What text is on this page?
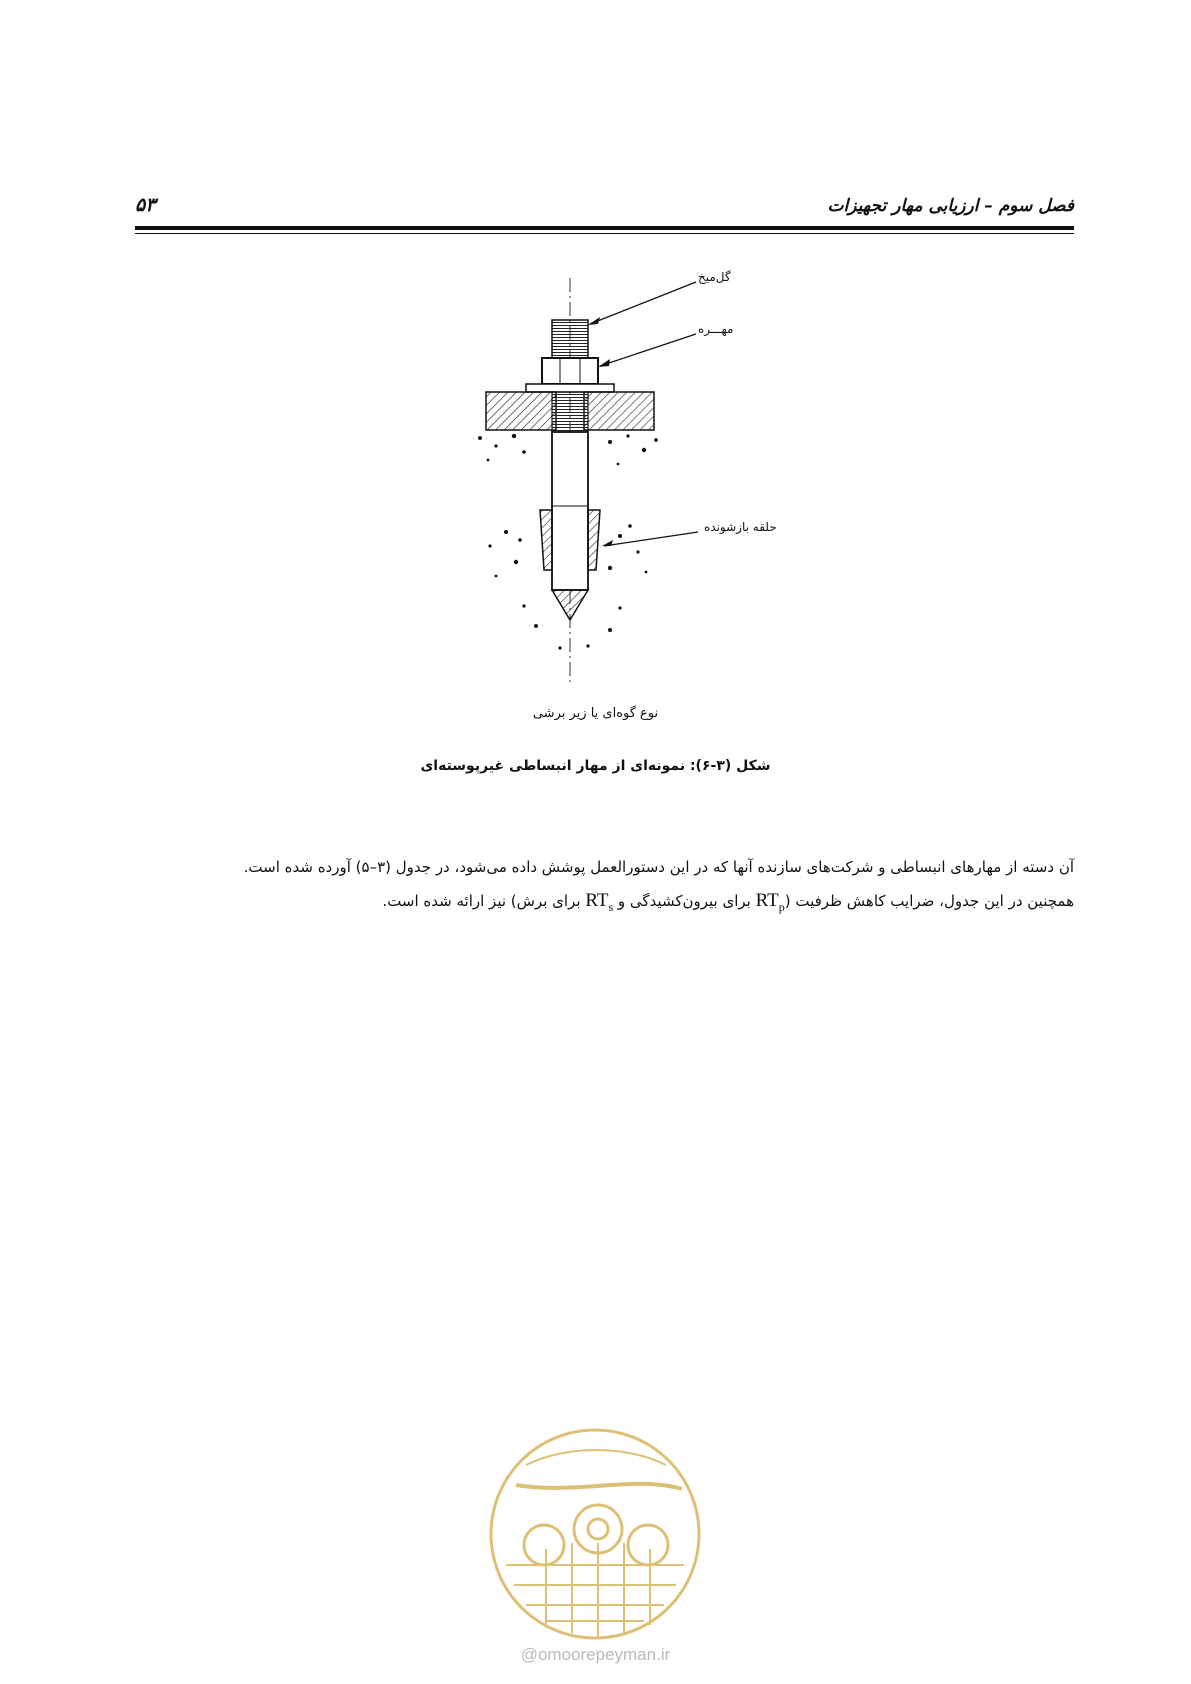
فصل سوم – ارزیابی مهار تجهیزات
۵۳
گل‌میخ
مهـــره
حلقه بازشونده
نوع گوه‌ای یا زیر برشی
شکل (۳-۶): نمونه‌ای از مهار انبساطی غیرپوسته‌ای

آن دسته از مهارهای انبساطی و شرکت‌های سازنده آنها که در این دستورالعمل پوشش داده می‌شود، در جدول (۳–۵) آورده شده است.

همچنین در این جدول، ضرایب کاهش ظرفیت ($RT_p$ برای بیرون‌کشیدگی و $RT_s$ برای برش) نیز ارائه شده است.

@omoorepeyman.ir
